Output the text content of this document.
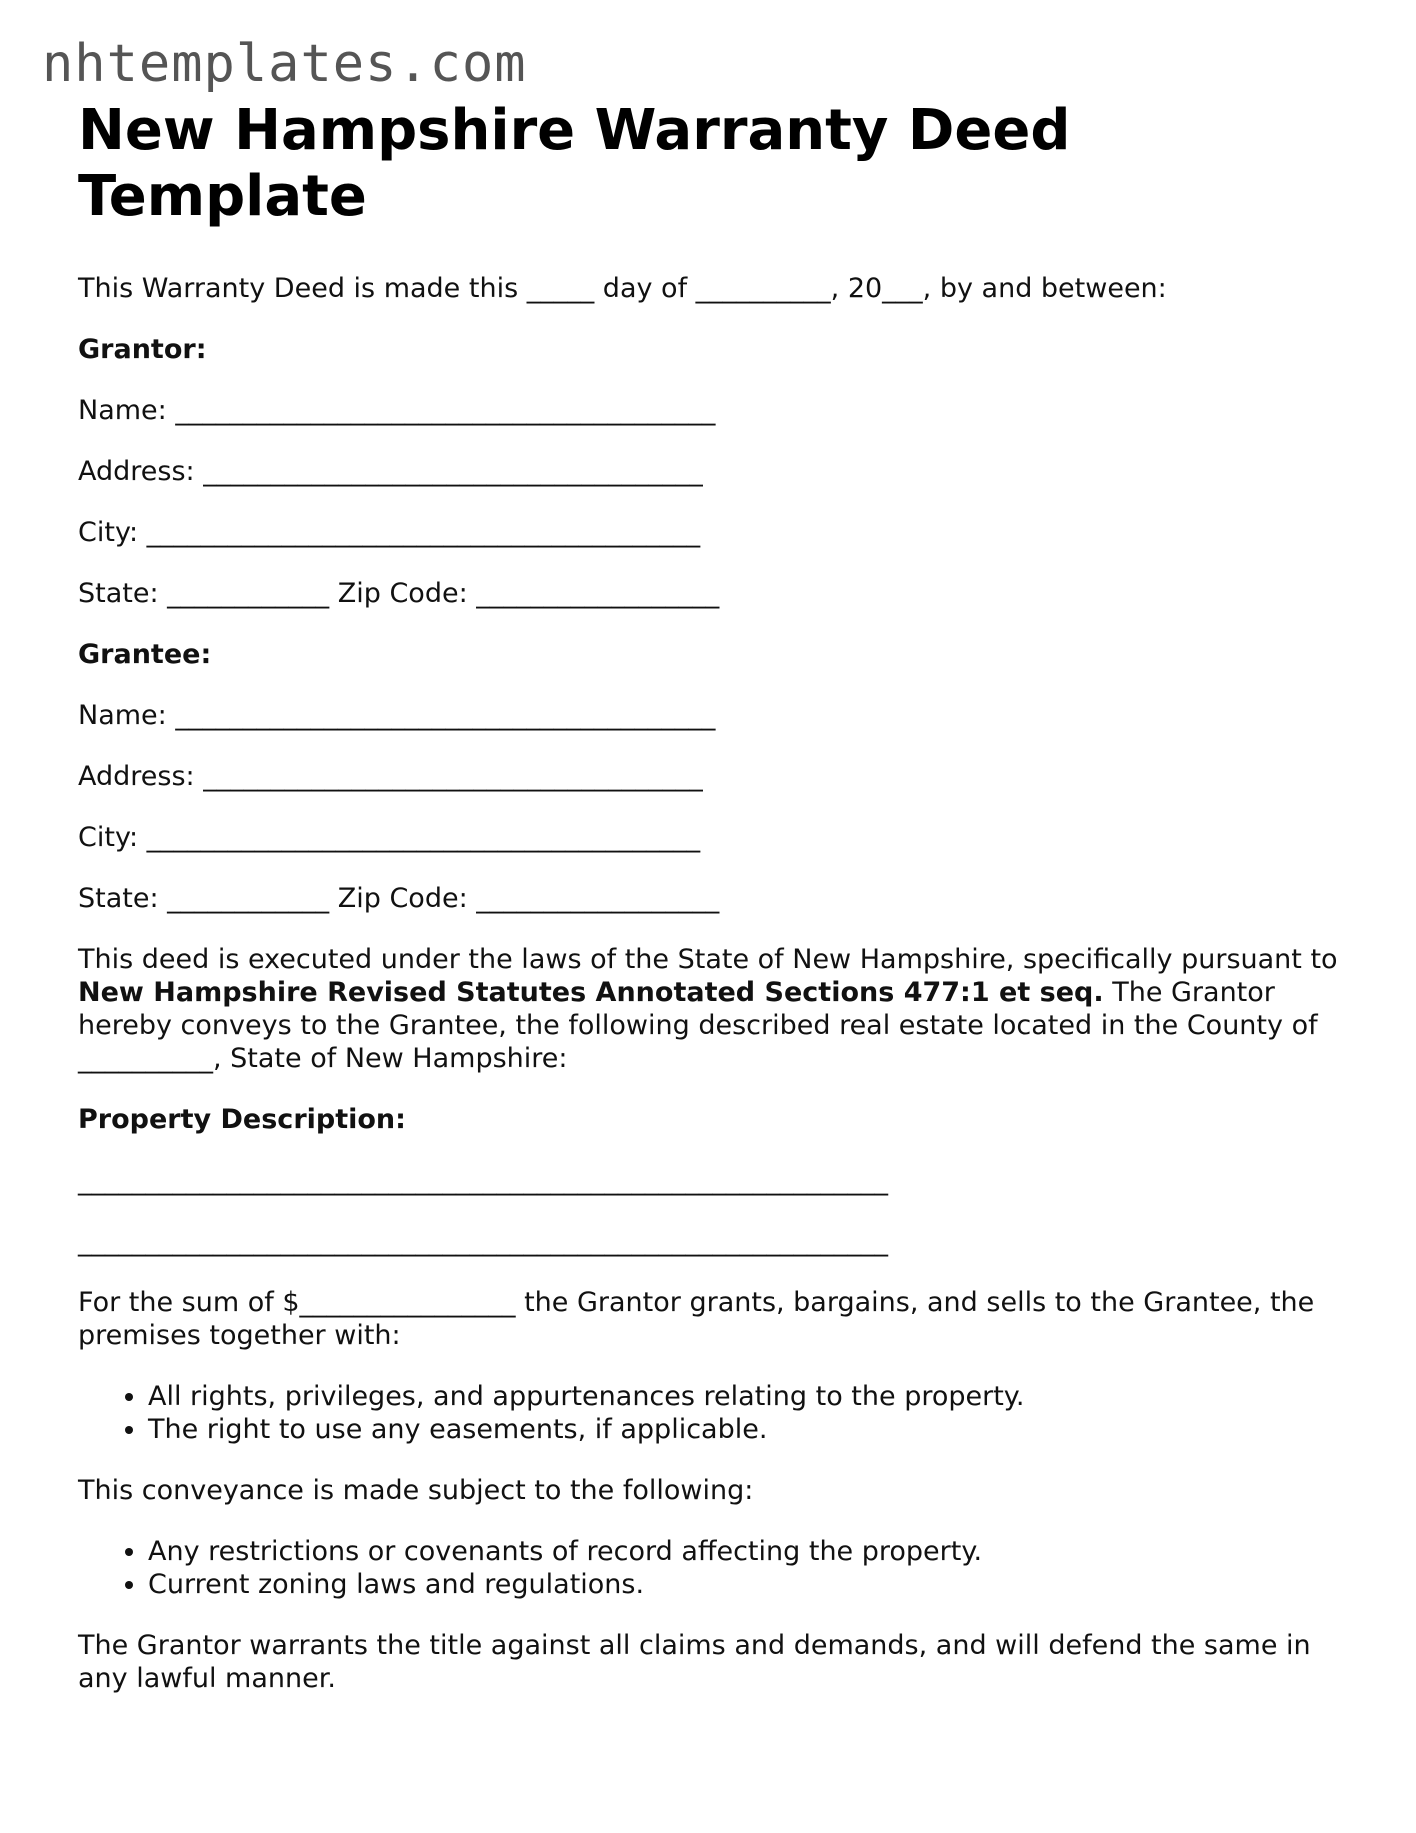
nhtemplates.com
New Hampshire Warranty Deed Template

This Warranty Deed is made this _____ day of __________, 20___, by and between:

Grantor:

Name: ________________________________________

Address: _____________________________________

City: _________________________________________

State: ____________ Zip Code: __________________

Grantee:

Name: ________________________________________

Address: _____________________________________

City: _________________________________________

State: ____________ Zip Code: __________________

This deed is executed under the laws of the State of New Hampshire, specifically pursuant to New Hampshire Revised Statutes Annotated Sections 477:1 et seq. The Grantor hereby conveys to the Grantee, the following described real estate located in the County of __________, State of New Hampshire:

Property Description:

____________________________________________________________

____________________________________________________________

For the sum of $________________ the Grantor grants, bargains, and sells to the Grantee, the premises together with:

• All rights, privileges, and appurtenances relating to the property.
• The right to use any easements, if applicable.

This conveyance is made subject to the following:

• Any restrictions or covenants of record affecting the property.
• Current zoning laws and regulations.

The Grantor warrants the title against all claims and demands, and will defend the same in any lawful manner.
